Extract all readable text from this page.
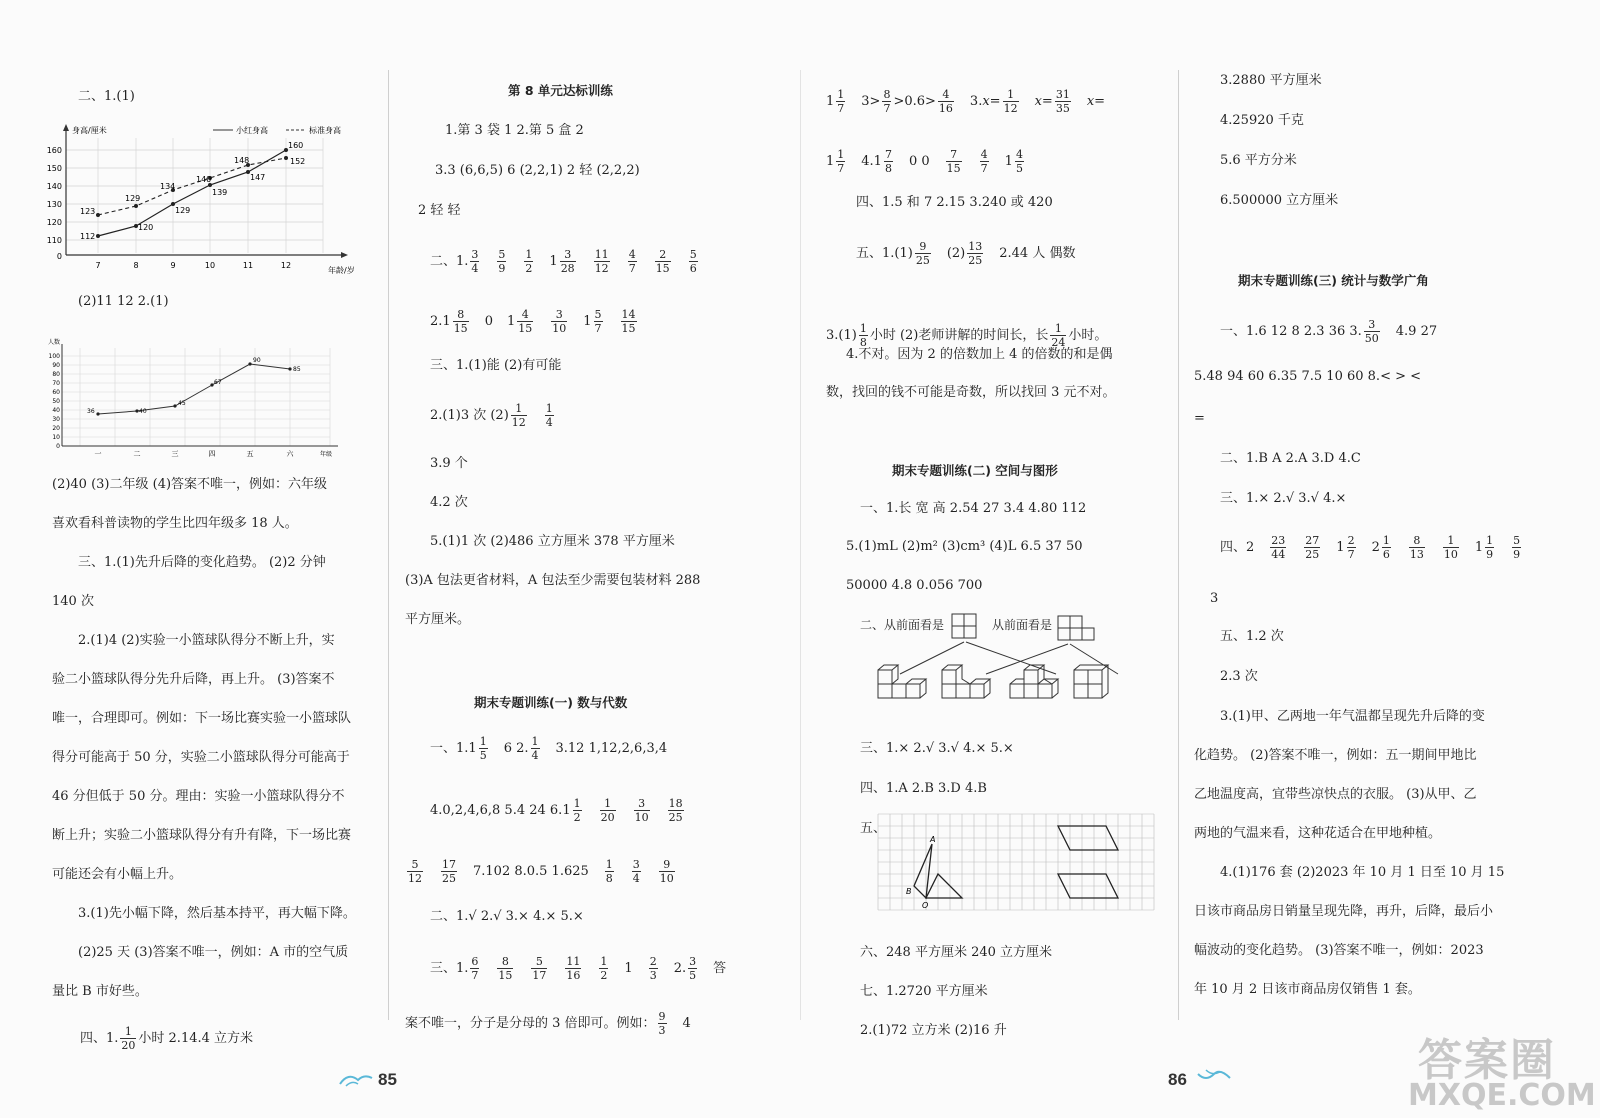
二、1.(1)
身高/厘米	小红身高	标准身高
160
150
140
130
120
110
0
7	8	9	10	11	12
年龄/岁
112
120
129
139
147
160
123
129
134
140
148	152
(2)11 12 2.(1)
人数
100
90
80
70
60
50
40
30
20
10
0
一	二	三	四	五	六	年级
36	40
45
67
90
85
(2)40 (3)二年级 (4)答案不唯一，例如：六年级
喜欢看科普读物的学生比四年级多 18 人。
三、1.(1)先升后降的变化趋势。 (2)2 分钟
140 次
2.(1)4 (2)实验一小篮球队得分不断上升，实
验二小篮球队得分先升后降，再上升。 (3)答案不
唯一，合理即可。例如：下一场比赛实验一小篮球队
得分可能高于 50 分，实验二小篮球队得分可能高于
46 分但低于 50 分。理由：实验一小篮球队得分不
断上升；实验二小篮球队得分有升有降，下一场比赛
可能还会有小幅上升。
3.(1)先小幅下降，然后基本持平，再大幅下降。
(2)25 天 (3)答案不唯一，例如：A 市的空气质
量比 B 市好些。
四、1. $\frac{1}{20}$ 小时 2.14.4 立方米
第 8 单元达标训练
1.第 3 袋 1 2.第 5 盒 2
3.3 (6,6,5) 6 (2,2,1) 2 轻 (2,2,2)
2 轻 轻
二、1. $\frac{3}{4} \frac{5}{9} \frac{1}{2} 1 \frac{3}{28} \frac{11}{12} \frac{4}{7} \frac{2}{15} \frac{5}{6}$
$2.1 \frac{8}{15} 0$ $1 \frac{4}{15} \frac{3}{10} 1 \frac{5}{7} \frac{14}{15}$
三、1.(1)能 (2)有可能
2.(1)3 次 $(2) \frac{1}{12} \frac{1}{4}$
3.9 个
4.2 次
5.(1)1 次 (2)486 立方厘米 378 平方厘米
(3)A 包法更省材料，A 包法至少需要包装材料 288
平方厘米。
期末专题训练(一) 数与代数
一、$1.1 \frac{1}{5} 6$ 2. $\frac{1}{4} 3.12$ 1,12,2,6,3,4
4.0,2,4,6,8 5.4 24 $6.1 \frac{1}{2} \frac{1}{20} \frac{3}{10} \frac{18}{25}$
$\frac{5}{12} \frac{17}{25} 7.102$ 8.0.5 $1.625 \frac{1}{8} \frac{3}{4} \frac{9}{10}$
二、1.√ 2.√ 3.× 4.× 5.×
三、1. $\frac{6}{7} \frac{8}{15} \frac{5}{17} \frac{11}{16} \frac{1}{2} 1 \frac{2}{3} 2$. $\frac{3}{5}$ 答
案不唯一，分子是分母的 3 倍即可。例如： $\frac{9}{3} 4$
85
$1 \frac{1}{7} 3> \frac{8}{7} >0.6> \frac{4}{16} 3.x= \frac{1}{12} x= \frac{31}{35} x=$
$1 \frac{1}{7} 4.1 \frac{7}{8} 0$ $0 \frac{7}{15} \frac{4}{7} 1 \frac{4}{5}$
四、1.5 和 7 2.15 3.240 或 420
五、$1.(1) \frac{9}{25} (2) \frac{13}{25} 2.44$ 人 偶数
$3.(1) \frac{1}{8}$ 小时 (2)老师讲解的时间长，长 $\frac{1}{24}$ 小时。
4.不对。因为 2 的倍数加上 4 的倍数的和是偶
数，找回的钱不可能是奇数，所以找回 3 元不对。
期末专题训练(二) 空间与图形
一、1.长 宽 高 2.54 27 3.4 4.80 112
5.(1)mL (2)m² (3)cm³ (4)L 6.5 37 50
50000 4.8 0.056 700
二、从前面看是	从前面看是
三、1.× 2.√ 3.√ 4.× 5.×
四、1.A 2.B 3.D 4.B
五、
A
B
O
六、248 平方厘米 240 立方厘米
七、1.2720 平方厘米
2.(1)72 立方米 (2)16 升
3.2880 平方厘米
4.25920 千克
5.6 平方分米
6.500000 立方厘米
期末专题训练(三) 统计与数学广角
一、1.6 12 8 2.3 36 3. $\frac{3}{50} 4.9$ 27
5.48 94 60 6.35 7.5 10 60 8.< > <
=
二、1.B A 2.A 3.D 4.C
三、1.× 2.√ 3.√ 4.×
四、$2 \frac{23}{44} \frac{27}{25} 1 \frac{2}{7} 2 \frac{1}{6} \frac{8}{13} \frac{1}{10} 1 \frac{1}{9} \frac{5}{9}$
3
五、1.2 次
2.3 次
3.(1)甲、乙两地一年气温都呈现先升后降的变
化趋势。 (2)答案不唯一，例如：五一期间甲地比
乙地温度高，宜带些凉快点的衣服。 (3)从甲、乙
两地的气温来看，这种花适合在甲地种植。
4.(1)176 套 (2)2023 年 10 月 1 日至 10 月 15
日该市商品房日销量呈现先降，再升，后降，最后小
幅波动的变化趋势。 (3)答案不唯一，例如：2023
年 10 月 2 日该市商品房仅销售 1 套。
86	答案圈
MXQE.COM
